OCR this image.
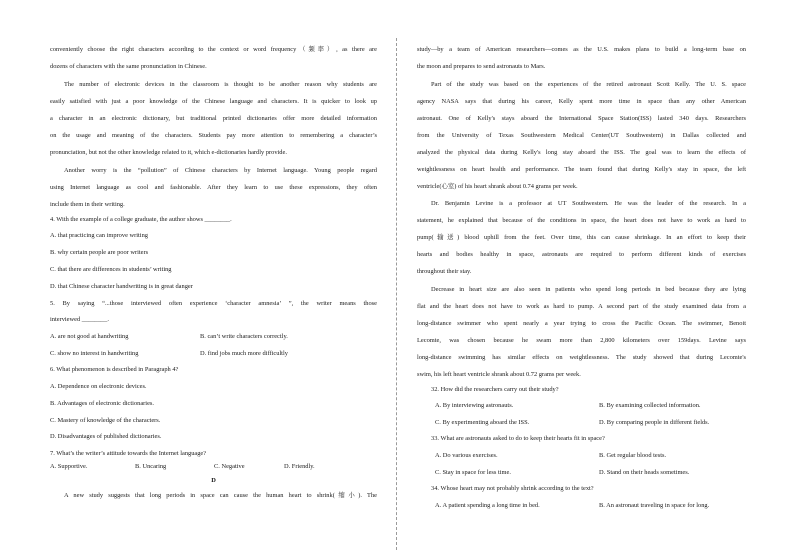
conveniently choose the right characters according to the context or word frequency（频率）, as there are
dozens of characters with the same pronunciation in Chinese.
The number of electronic devices in the classroom is thought to be another reason why students are
easily satisfied with just a poor knowledge of the Chinese language and characters. It is quicker to look up
a character in an electronic dictionary, but traditional printed dictionaries offer more detailed information
on the usage and meaning of the characters. Students pay more attention to remembering a character’s
pronunciation, but not the other knowledge related to it, which e-dictionaries hardly provide.
Another worry is the “pollution” of Chinese characters by Internet language. Young people regard
using Internet language as cool and fashionable. After they learn to use these expressions, they often
include them in their writing.
4. With the example of a college graduate, the author shows ________.
A. that practicing can improve writing
B. why certain people are poor writers
C. that there are differences in students’ writing
D. that Chinese character handwriting is in great danger
5. By saying “...those interviewed often experience ‘character amnesia’ ”, the writer means those
interviewed ________.
A. are not good at handwriting	B. can’t write characters correctly.
C. show no interest in handwriting	D. find jobs much more difficultly
6. What phenomenon is described in Paragraph 4?
A. Dependence on electronic devices.
B. Advantages of electronic dictionaries.
C. Mastery of knowledge of the characters.
D. Disadvantages of published dictionaries.
7. What’s the writer’s attitude towards the Internet language?
A. Supportive.	B. Uncaring	C. Negative	D. Friendly.
D
A new study suggests that long periods in space can cause the human heart to shrink(缩小). The
study—by a team of American researchers—comes as the U.S. makes plans to build a long-term base on
the moon and prepares to send astronauts to Mars.
Part of the study was based on the experiences of the retired astronaut Scott Kelly. The U. S. space
agency NASA says that during his career, Kelly spent more time in space than any other American
astronaut. One of Kelly's stays aboard the International Space Station(ISS) lasted 340 days. Researchers
from the University of Texas Southwestern Medical Center(UT Southwestern) in Dallas collected and
analyzed the physical data during Kelly's long stay aboard the ISS. The goal was to learn the effects of
weightlessness on heart health and performance. The team found that during Kelly's stay in space, the left
ventricle(心室) of his heart shrank about 0.74 grams per week.
Dr. Benjamin Levine is a professor at UT Southwestern. He was the leader of the research. In a
statement, he explained that because of the conditions in space, the heart does not have to work as hard to
pump(输送) blood uphill from the feet. Over time, this can cause shrinkage. In an effort to keep their
hearts and bodies healthy in space, astronauts are required to perform different kinds of exercises
throughout their stay.
Decrease in heart size are also seen in patients who spend long periods in bed because they are lying
flat and the heart does not have to work as hard to pump. A second part of the study examined data from a
long-distance swimmer who spent nearly a year trying to cross the Pacific Ocean. The swimmer, Benoit
Lecomte, was chosen because he swam more than 2,800 kilometers over 159days. Levine says
long-distance swimming has similar effects on weightlessness. The study showed that during Lecomte's
swim, his left heart ventricle shrank about 0.72 grams per week.
32. How did the researchers carry out their study?
A. By interviewing astronauts.	B. By examining collected information.
C. By experimenting aboard the ISS.	D. By comparing people in different fields.
33. What are astronauts asked to do to keep their hearts fit in space?
A. Do various exercises.	B. Get regular blood tests.
C. Stay in space for less time.	D. Stand on their heads sometimes.
34. Whose heart may not probably shrink according to the text?
A. A patient spending a long time in bed.	B. An astronaut traveling in space for long.
